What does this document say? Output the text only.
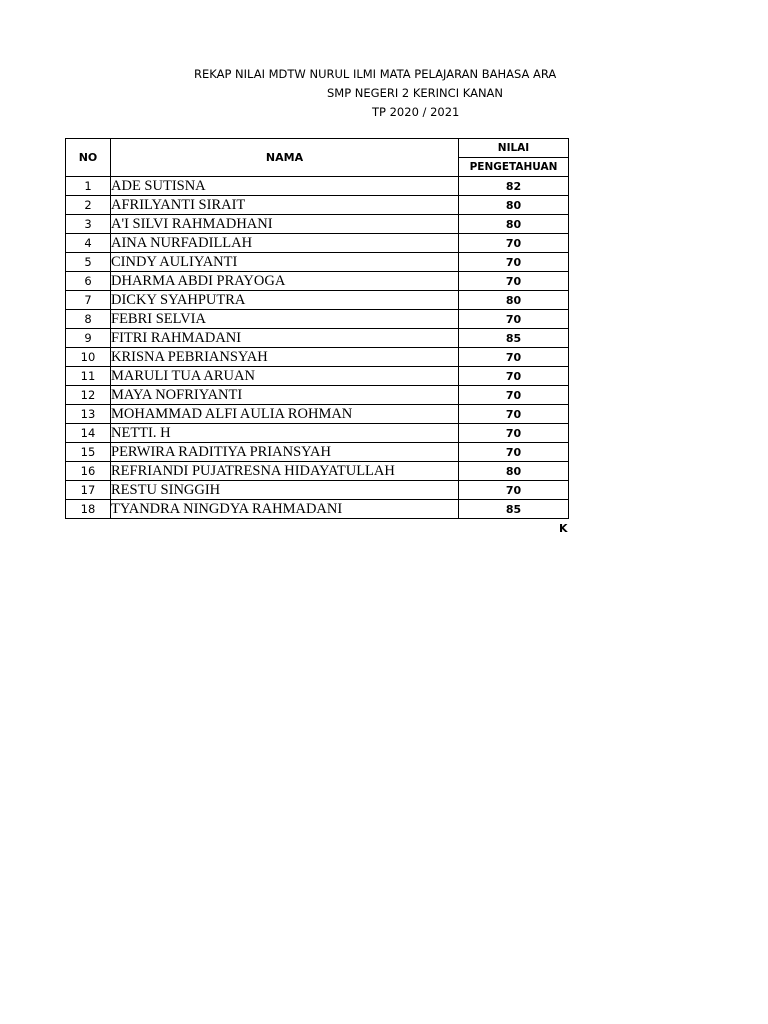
REKAP NILAI MDTW NURUL ILMI MATA PELAJARAN BAHASA ARA
SMP NEGERI 2 KERINCI KANAN
TP 2020 / 2021
NO	NAMA	NILAI
		PENGETAHUAN
1	ADE SUTISNA	82
2	AFRILYANTI SIRAIT	80
3	A'I SILVI RAHMADHANI	80
4	AINA NURFADILLAH	70
5	CINDY AULIYANTI	70
6	DHARMA ABDI PRAYOGA	70
7	DICKY SYAHPUTRA	80
8	FEBRI SELVIA	70
9	FITRI RAHMADANI	85
10	KRISNA PEBRIANSYAH	70
11	MARULI TUA ARUAN	70
12	MAYA NOFRIYANTI	70
13	MOHAMMAD ALFI AULIA ROHMAN	70
14	NETTI. H	70
15	PERWIRA RADITIYA PRIANSYAH	70
16	REFRIANDI PUJATRESNA HIDAYATULLAH	80
17	RESTU SINGGIH	70
18	TYANDRA NINGDYA RAHMADANI	85
K
